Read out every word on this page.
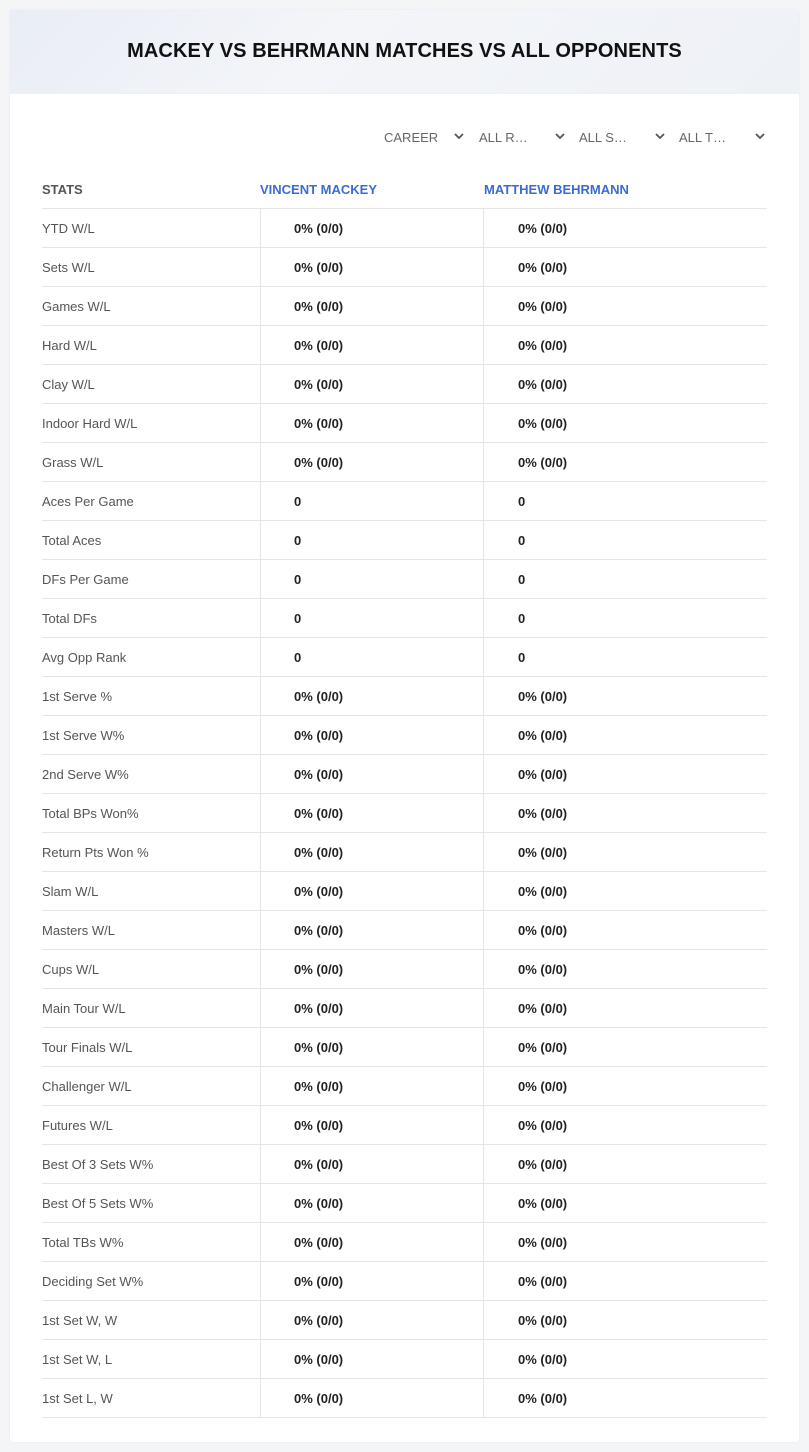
MACKEY VS BEHRMANN MATCHES VS ALL OPPONENTS
CAREER	ALL R…	ALL S…	ALL T…
STATS	VINCENT MACKEY	MATTHEW BEHRMANN
YTD W/L	0% (0/0)	0% (0/0)
Sets W/L	0% (0/0)	0% (0/0)
Games W/L	0% (0/0)	0% (0/0)
Hard W/L	0% (0/0)	0% (0/0)
Clay W/L	0% (0/0)	0% (0/0)
Indoor Hard W/L	0% (0/0)	0% (0/0)
Grass W/L	0% (0/0)	0% (0/0)
Aces Per Game	0	0
Total Aces	0	0
DFs Per Game	0	0
Total DFs	0	0
Avg Opp Rank	0	0
1st Serve %	0% (0/0)	0% (0/0)
1st Serve W%	0% (0/0)	0% (0/0)
2nd Serve W%	0% (0/0)	0% (0/0)
Total BPs Won%	0% (0/0)	0% (0/0)
Return Pts Won %	0% (0/0)	0% (0/0)
Slam W/L	0% (0/0)	0% (0/0)
Masters W/L	0% (0/0)	0% (0/0)
Cups W/L	0% (0/0)	0% (0/0)
Main Tour W/L	0% (0/0)	0% (0/0)
Tour Finals W/L	0% (0/0)	0% (0/0)
Challenger W/L	0% (0/0)	0% (0/0)
Futures W/L	0% (0/0)	0% (0/0)
Best Of 3 Sets W%	0% (0/0)	0% (0/0)
Best Of 5 Sets W%	0% (0/0)	0% (0/0)
Total TBs W%	0% (0/0)	0% (0/0)
Deciding Set W%	0% (0/0)	0% (0/0)
1st Set W, W	0% (0/0)	0% (0/0)
1st Set W, L	0% (0/0)	0% (0/0)
1st Set L, W	0% (0/0)	0% (0/0)
